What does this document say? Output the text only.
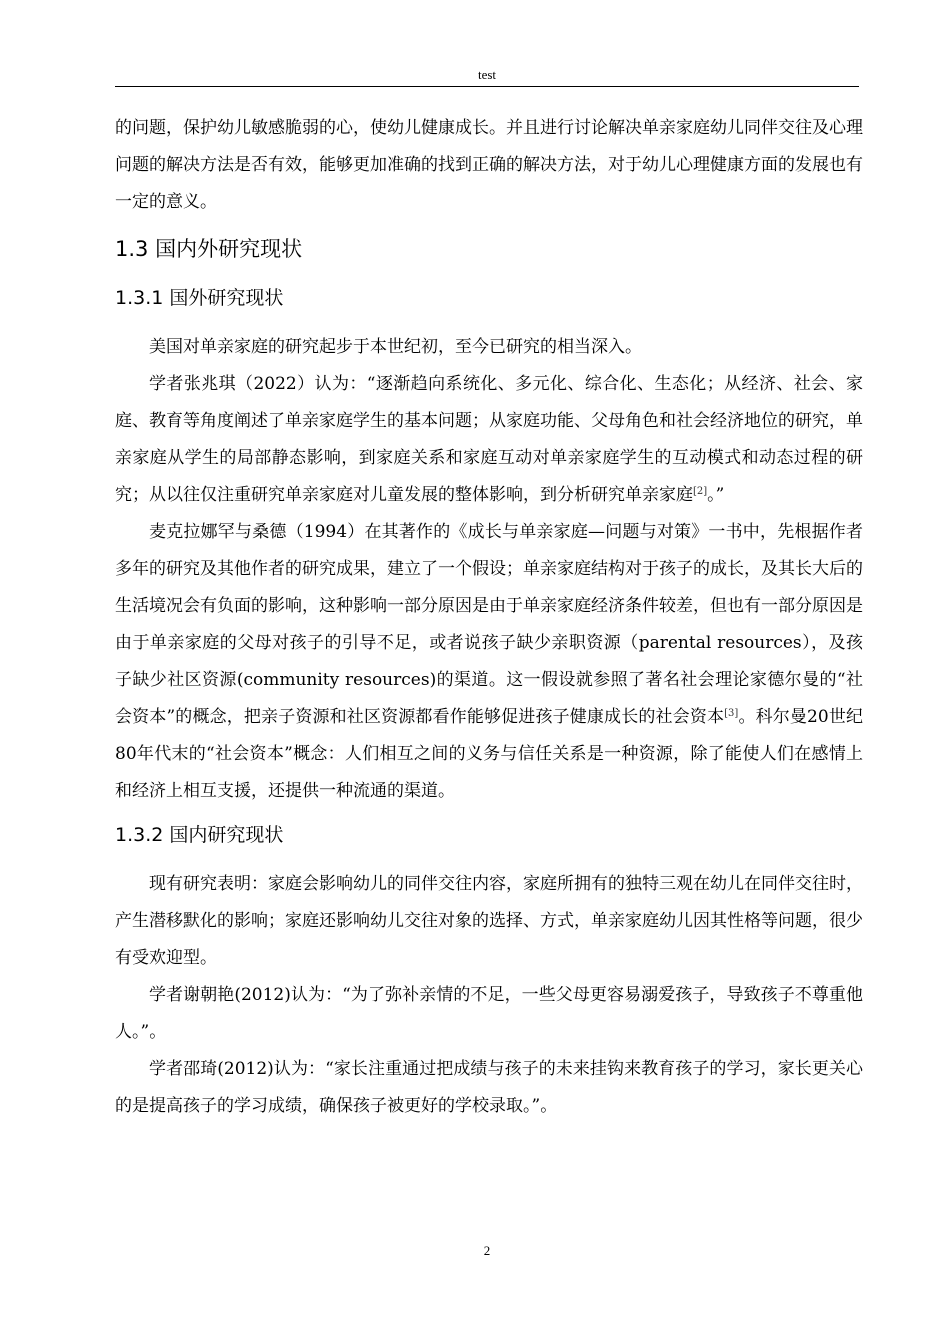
test

的问题，保护幼儿敏感脆弱的心，使幼儿健康成长。并且进行讨论解决单亲家庭幼儿同伴交往及心理问题的解决方法是否有效，能够更加准确的找到正确的解决方法，对于幼儿心理健康方面的发展也有一定的意义。

1.3 国内外研究现状
1.3.1 国外研究现状

美国对单亲家庭的研究起步于本世纪初，至今已研究的相当深入。

学者张兆琪（2022）认为：“逐渐趋向系统化、多元化、综合化、生态化；从经济、社会、家庭、教育等角度阐述了单亲家庭学生的基本问题；从家庭功能、父母角色和社会经济地位的研究，单亲家庭从学生的局部静态影响，到家庭关系和家庭互动对单亲家庭学生的互动模式和动态过程的研究；从以往仅注重研究单亲家庭对儿童发展的整体影响，到分析研究单亲家庭[2]。”

麦克拉娜罕与桑德（1994）在其著作的《成长与单亲家庭—问题与对策》一书中，先根据作者多年的研究及其他作者的研究成果，建立了一个假设；单亲家庭结构对于孩子的成长，及其长大后的生活境况会有负面的影响，这种影响一部分原因是由于单亲家庭经济条件较差，但也有一部分原因是由于单亲家庭的父母对孩子的引导不足，或者说孩子缺少亲职资源（parental resources），及孩子缺少社区资源(community resources)的渠道。这一假设就参照了著名社会理论家德尔曼的“社会资本”的概念，把亲子资源和社区资源都看作能够促进孩子健康成长的社会资本[3]。科尔曼20世纪80年代末的“社会资本”概念：人们相互之间的义务与信任关系是一种资源，除了能使人们在感情上和经济上相互支援，还提供一种流通的渠道。

1.3.2 国内研究现状

现有研究表明：家庭会影响幼儿的同伴交往内容，家庭所拥有的独特三观在幼儿在同伴交往时，产生潜移默化的影响；家庭还影响幼儿交往对象的选择、方式，单亲家庭幼儿因其性格等问题，很少有受欢迎型。

学者谢朝艳(2012)认为：“为了弥补亲情的不足，一些父母更容易溺爱孩子，导致孩子不尊重他人。”。

学者邵琦(2012)认为：“家长注重通过把成绩与孩子的未来挂钩来教育孩子的学习，家长更关心的是提高孩子的学习成绩，确保孩子被更好的学校录取。”。

2
